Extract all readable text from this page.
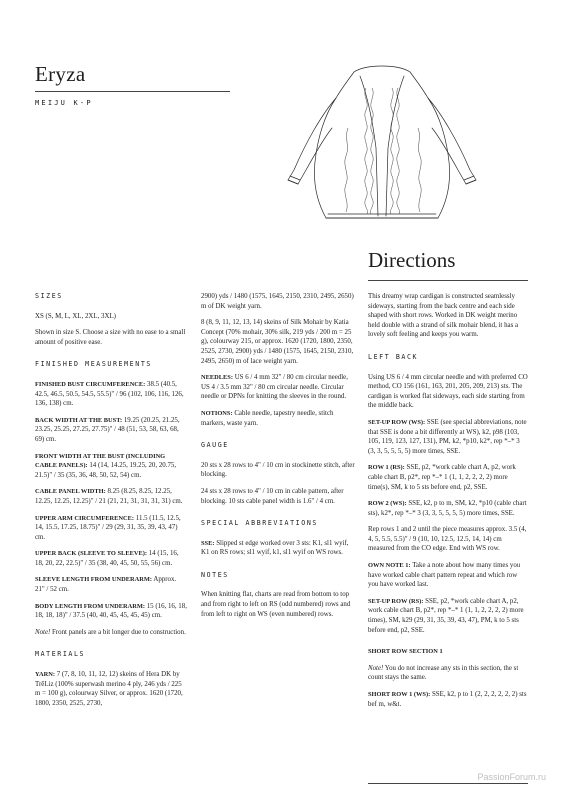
Eryza
MEIJU K-P
Directions
SIZES

XS (S, M, L, XL, 2XL, 3XL)

Shown in size S. Choose a size with no ease to a small amount of positive ease.

FINISHED MEASUREMENTS

FINISHED BUST CIRCUMFERENCE: 38.5 (40.5, 42.5, 46.5, 50.5, 54.5, 55.5)" / 96 (102, 106, 116, 126, 136, 138) cm.

BACK WIDTH AT THE BUST: 19.25 (20.25, 21.25, 23.25, 25.25, 27.25, 27.75)" / 48 (51, 53, 58, 63, 68, 69) cm.

FRONT WIDTH AT THE BUST (INCLUDING CABLE PANELS): 14 (14, 14.25, 19.25, 20, 20.75, 21.5)" / 35 (35, 36, 48, 50, 52, 54) cm.

CABLE PANEL WIDTH: 8.25 (8.25, 8.25, 12.25, 12.25, 12.25, 12.25)" / 21 (21, 21, 31, 31, 31, 31) cm.

UPPER ARM CIRCUMFERENCE: 11.5 (11.5, 12.5, 14, 15.5, 17.25, 18.75)" / 29 (29, 31, 35, 39, 43, 47) cm.

UPPER BACK (SLEEVE TO SLEEVE): 14 (15, 16, 18, 20, 22, 22.5)" / 35 (38, 40, 45, 50, 55, 56) cm.

SLEEVE LENGTH FROM UNDERARM: Approx. 21" / 52 cm.

BODY LENGTH FROM UNDERARM: 15 (16, 16, 18, 18, 18, 18)" / 37.5 (40, 40, 45, 45, 45, 45) cm.

Note! Front panels are a bit longer due to construction.

MATERIALS

YARN: 7 (7, 8, 10, 11, 12, 12) skeins of Hera DK by TrēLiz (100% superwash merino 4 ply, 246 yds / 225 m = 100 g), colourway Silver, or approx. 1620 (1720, 1800, 2350, 2525, 2730,

2900) yds / 1480 (1575, 1645, 2150, 2310, 2495, 2650) m of DK weight yarn.

8 (8, 9, 11, 12, 13, 14) skeins of Silk Mohair by Katia Concept (70% mohair, 30% silk, 219 yds / 200 m = 25 g), colourway 215, or approx. 1620 (1720, 1800, 2350, 2525, 2730, 2900) yds / 1480 (1575, 1645, 2150, 2310, 2495, 2650) m of lace weight yarn.

NEEDLES: US 6 / 4 mm 32" / 80 cm circular needle, US 4 / 3.5 mm 32" / 80 cm circular needle. Circular needle or DPNs for knitting the sleeves in the round.

NOTIONS: Cable needle, tapestry needle, stitch markers, waste yarn.

GAUGE

20 sts x 28 rows to 4" / 10 cm in stockinette stitch, after blocking.

24 sts x 28 rows to 4" / 10 cm in cable pattern, after blocking. 10 sts cable panel width is 1.6" / 4 cm.

SPECIAL ABBREVIATIONS

SSE: Slipped st edge worked over 3 sts: K1, sl1 wyif, K1 on RS rows; sl1 wyif, k1, sl1 wyif on WS rows.

NOTES

When knitting flat, charts are read from bottom to top and from right to left on RS (odd numbered) rows and from left to right on WS (even numbered) rows.

This dreamy wrap cardigan is constructed seamlessly sideways, starting from the back centre and each side shaped with short rows. Worked in DK weight merino held double with a strand of silk mohair blend, it has a lovely soft feeling and keeps you warm.

LEFT BACK

Using US 6 / 4 mm circular needle and with preferred CO method, CO 156 (161, 163, 201, 205, 209, 213) sts. The cardigan is worked flat sideways, each side starting from the middle back.

SET-UP ROW (WS): SSE (see special abbreviations, note that SSE is done a bit differently at WS), k2, p98 (103, 105, 119, 123, 127, 131), PM, k2, *p10, k2*, rep *–* 3 (3, 3, 5, 5, 5, 5) more times, SSE.

ROW 1 (RS): SSE, p2, *work cable chart A, p2, work cable chart B, p2*, rep *–* 1 (1, 1, 2, 2, 2, 2) more time(s), SM, k to 5 sts before end, p2, SSE.

ROW 2 (WS): SSE, k2, p to m, SM, k2, *p10 (cable chart sts), k2*, rep *–* 3 (3, 3, 5, 5, 5, 5) more times, SSE.

Rep rows 1 and 2 until the piece measures approx. 3.5 (4, 4, 5, 5.5, 5.5)" / 9 (10, 10, 12.5, 12.5, 14, 14) cm measured from the CO edge. End with WS row.

OWN NOTE 1: Take a note about how many times you have worked cable chart pattern repeat and which row you have worked last.

SET-UP ROW (RS): SSE, p2, *work cable chart A, p2, work cable chart B, p2*, rep *–* 1 (1, 1, 2, 2, 2, 2) more times), SM, k29 (29, 31, 35, 39, 43, 47), PM, k to 5 sts before end, p2, SSE.

SHORT ROW SECTION 1

Note! You do not increase any sts in this section, the st count stays the same.

SHORT ROW 1 (WS): SSE, k2, p to 1 (2, 2, 2, 2, 2, 2) sts bef m, w&t.

PassionForum.ru
